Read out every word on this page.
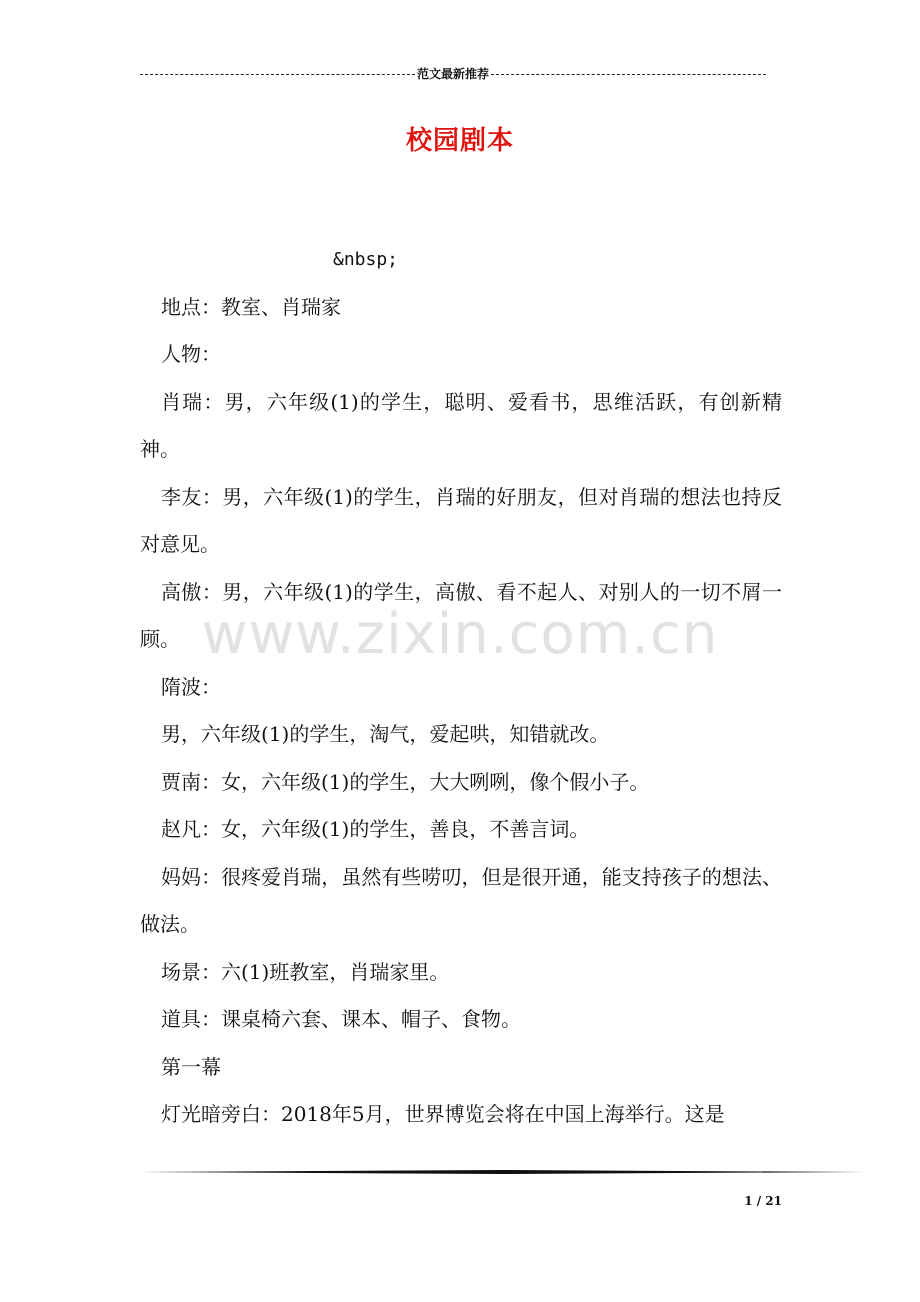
范文最新推荐
校园剧本

&nbsp;

地点：教室、肖瑞家

人物：

肖瑞：男，六年级(1)的学生，聪明、爱看书，思维活跃，有创新精神。

李友：男，六年级(1)的学生，肖瑞的好朋友，但对肖瑞的想法也持反对意见。

高傲：男，六年级(1)的学生，高傲、看不起人、对别人的一切不屑一顾。

隋波：

男，六年级(1)的学生，淘气，爱起哄，知错就改。

贾南：女，六年级(1)的学生，大大咧咧，像个假小子。

赵凡：女，六年级(1)的学生，善良，不善言词。

妈妈：很疼爱肖瑞，虽然有些唠叨，但是很开通，能支持孩子的想法、做法。

场景：六(1)班教室，肖瑞家里。

道具：课桌椅六套、课本、帽子、食物。

第一幕

灯光暗旁白：2018年5月，世界博览会将在中国上海举行。这是

www.zixin.com.cn
1 / 21
